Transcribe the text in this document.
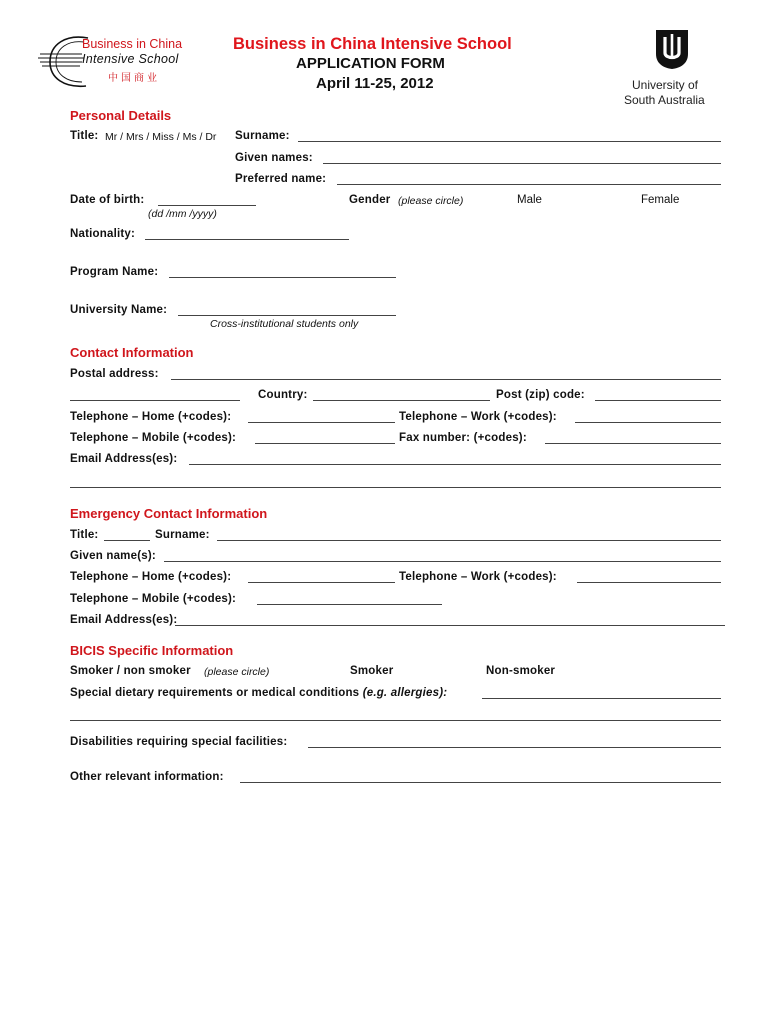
Business in China
Intensive School
中国商业
Business in China Intensive School
APPLICATION FORM
April 11-25, 2012	University of
South Australia
Personal Details
Title: Mr / Mrs / Miss / Ms / Dr Surname:
Given names:
Preferred name:
Date of birth:
(dd /mm /yyyy)
Gender (please circle)	Male	Female
Nationality:
Program Name:
University Name:
Cross-institutional students only
Contact Information
Postal address:
Country:	Post (zip) code:
Telephone – Home (+codes):	Telephone – Work (+codes):
Telephone – Mobile (+codes):	Fax number: (+codes):
Email Address(es):
Emergency Contact Information
Title:	Surname:
Given name(s):
Telephone – Home (+codes):	Telephone – Work (+codes):
Telephone – Mobile (+codes):
Email Address(es):
BICIS Specific Information
Smoker / non smoker (please circle)	Smoker	Non-smoker
Special dietary requirements or medical conditions (e.g. allergies):
Disabilities requiring special facilities:
Other relevant information:
